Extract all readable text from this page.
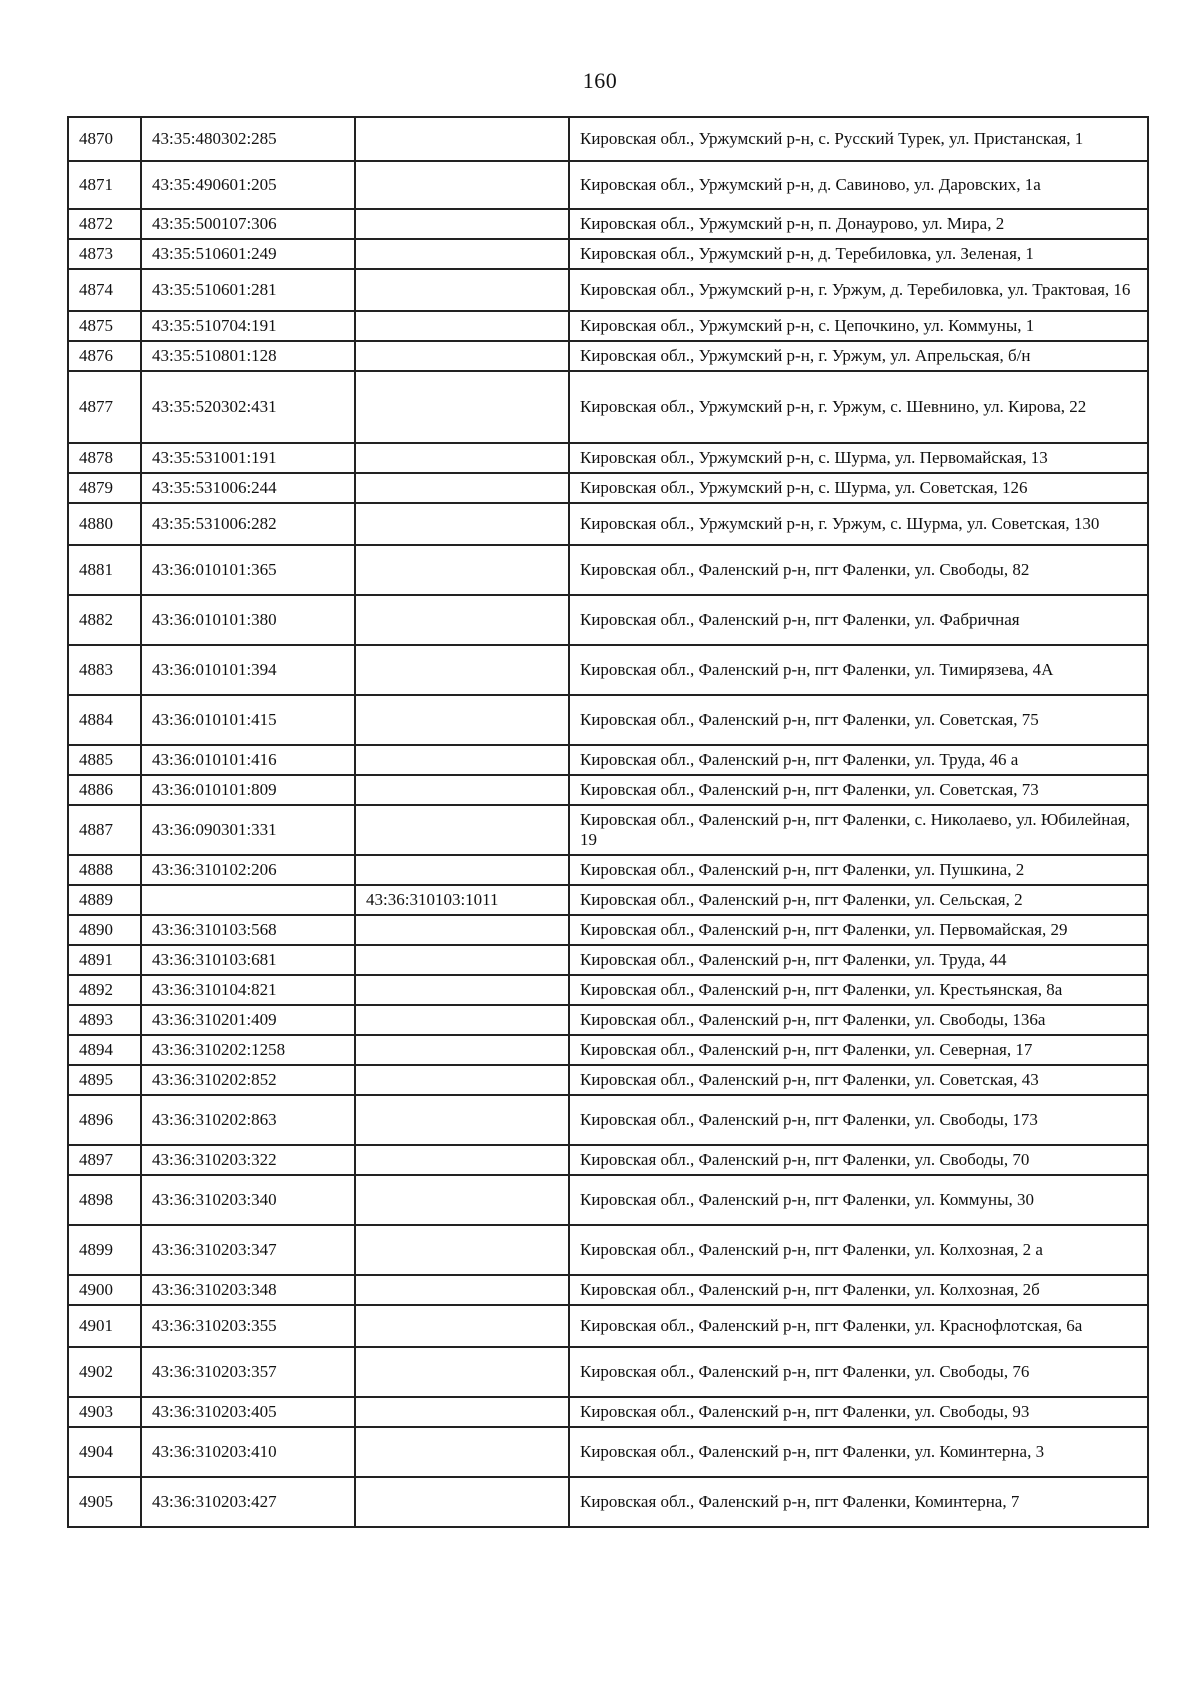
160
4870	43:35:480302:285		Кировская обл., Уржумский р-н, с. Русский Турек, ул. Пристанская, 1
4871	43:35:490601:205		Кировская обл., Уржумский р-н, д. Савиново, ул. Даровских, 1а
4872	43:35:500107:306		Кировская обл., Уржумский р-н, п. Донаурово, ул. Мира, 2
4873	43:35:510601:249		Кировская обл., Уржумский р-н, д. Теребиловка, ул. Зеленая, 1
4874	43:35:510601:281		Кировская обл., Уржумский р-н, г. Уржум, д. Теребиловка, ул. Трактовая, 16
4875	43:35:510704:191		Кировская обл., Уржумский р-н, с. Цепочкино, ул. Коммуны, 1
4876	43:35:510801:128		Кировская обл., Уржумский р-н, г. Уржум, ул. Апрельская, б/н
4877	43:35:520302:431		Кировская обл., Уржумский р-н, г. Уржум, с. Шевнино, ул. Кирова, 22
4878	43:35:531001:191		Кировская обл., Уржумский р-н, с. Шурма, ул. Первомайская, 13
4879	43:35:531006:244		Кировская обл., Уржумский р-н, с. Шурма, ул. Советская, 126
4880	43:35:531006:282		Кировская обл., Уржумский р-н, г. Уржум, с. Шурма, ул. Советская, 130
4881	43:36:010101:365		Кировская обл., Фаленский р-н, пгт Фаленки, ул. Свободы, 82
4882	43:36:010101:380		Кировская обл., Фаленский р-н, пгт Фаленки, ул. Фабричная
4883	43:36:010101:394		Кировская обл., Фаленский р-н, пгт Фаленки, ул. Тимирязева, 4А
4884	43:36:010101:415		Кировская обл., Фаленский р-н, пгт Фаленки, ул. Советская, 75
4885	43:36:010101:416		Кировская обл., Фаленский р-н, пгт Фаленки, ул. Труда, 46 а
4886	43:36:010101:809		Кировская обл., Фаленский р-н, пгт Фаленки, ул. Советская, 73
4887	43:36:090301:331		Кировская обл., Фаленский р-н, пгт Фаленки, с. Николаево, ул. Юбилейная, 19
4888	43:36:310102:206		Кировская обл., Фаленский р-н, пгт Фаленки, ул. Пушкина, 2
4889		43:36:310103:1011	Кировская обл., Фаленский р-н, пгт Фаленки, ул. Сельская, 2
4890	43:36:310103:568		Кировская обл., Фаленский р-н, пгт Фаленки, ул. Первомайская, 29
4891	43:36:310103:681		Кировская обл., Фаленский р-н, пгт Фаленки, ул. Труда, 44
4892	43:36:310104:821		Кировская обл., Фаленский р-н, пгт Фаленки, ул. Крестьянская, 8а
4893	43:36:310201:409		Кировская обл., Фаленский р-н, пгт Фаленки, ул. Свободы, 136а
4894	43:36:310202:1258		Кировская обл., Фаленский р-н, пгт Фаленки, ул. Северная, 17
4895	43:36:310202:852		Кировская обл., Фаленский р-н, пгт Фаленки, ул. Советская, 43
4896	43:36:310202:863		Кировская обл., Фаленский р-н, пгт Фаленки, ул. Свободы, 173
4897	43:36:310203:322		Кировская обл., Фаленский р-н, пгт Фаленки, ул. Свободы, 70
4898	43:36:310203:340		Кировская обл., Фаленский р-н, пгт Фаленки, ул. Коммуны, 30
4899	43:36:310203:347		Кировская обл., Фаленский р-н, пгт Фаленки, ул. Колхозная, 2 а
4900	43:36:310203:348		Кировская обл., Фаленский р-н, пгт Фаленки, ул. Колхозная, 2б
4901	43:36:310203:355		Кировская обл., Фаленский р-н, пгт Фаленки, ул. Краснофлотская, 6а
4902	43:36:310203:357		Кировская обл., Фаленский р-н, пгт Фаленки, ул. Свободы, 76
4903	43:36:310203:405		Кировская обл., Фаленский р-н, пгт Фаленки, ул. Свободы, 93
4904	43:36:310203:410		Кировская обл., Фаленский р-н, пгт Фаленки, ул. Коминтерна, 3
4905	43:36:310203:427		Кировская обл., Фаленский р-н, пгт Фаленки, Коминтерна, 7
